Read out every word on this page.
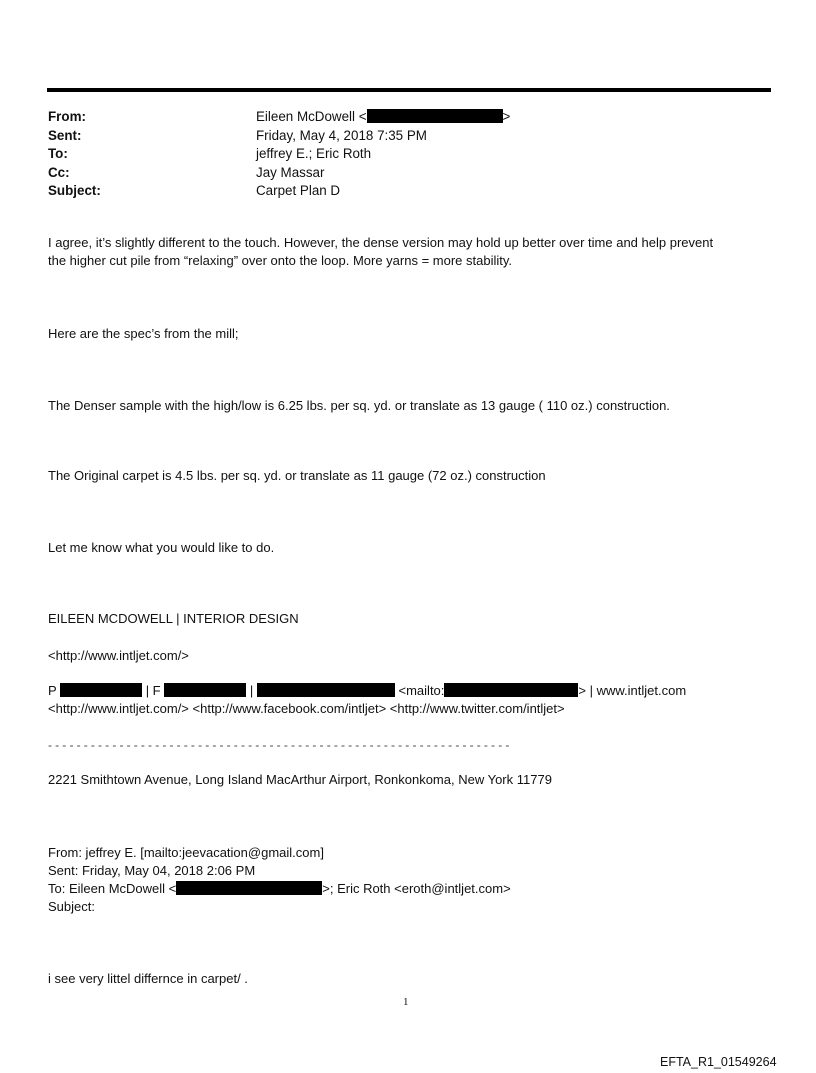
From:	Eileen McDowell <	>
Sent:	Friday, May 4, 2018 7:35 PM
To:	jeffrey E.; Eric Roth
Cc:	Jay Massar
Subject:	Carpet Plan D
I agree, it’s slightly different to the touch. However, the dense version may hold up better over time and help prevent
the higher cut pile from “relaxing” over onto the loop. More yarns = more stability.
Here are the spec’s from the mill;
The Denser sample with the high/low is 6.25 lbs. per sq. yd. or translate as 13 gauge ( 110 oz.) construction.
The Original carpet is 4.5 lbs. per sq. yd. or translate as 11 gauge (72 oz.) construction
Let me know what you would like to do.
EILEEN MCDOWELL | INTERIOR DESIGN
<http://www.intljet.com/>
P	| F	|	<mailto:	> | www.intljet.com
<http://www.intljet.com/> <http://www.facebook.com/intljet> <http://www.twitter.com/intljet>
-----------------------------------------------------------------
2221 Smithtown Avenue, Long Island MacArthur Airport, Ronkonkoma, New York 11779
From: jeffrey E. [mailto:jeevacation@gmail.com]
Sent: Friday, May 04, 2018 2:06 PM
To: Eileen McDowell <	>; Eric Roth <eroth@intljet.com>
Subject:
i see very littel differnce in carpet/ .
1
EFTA_R1_01549264
